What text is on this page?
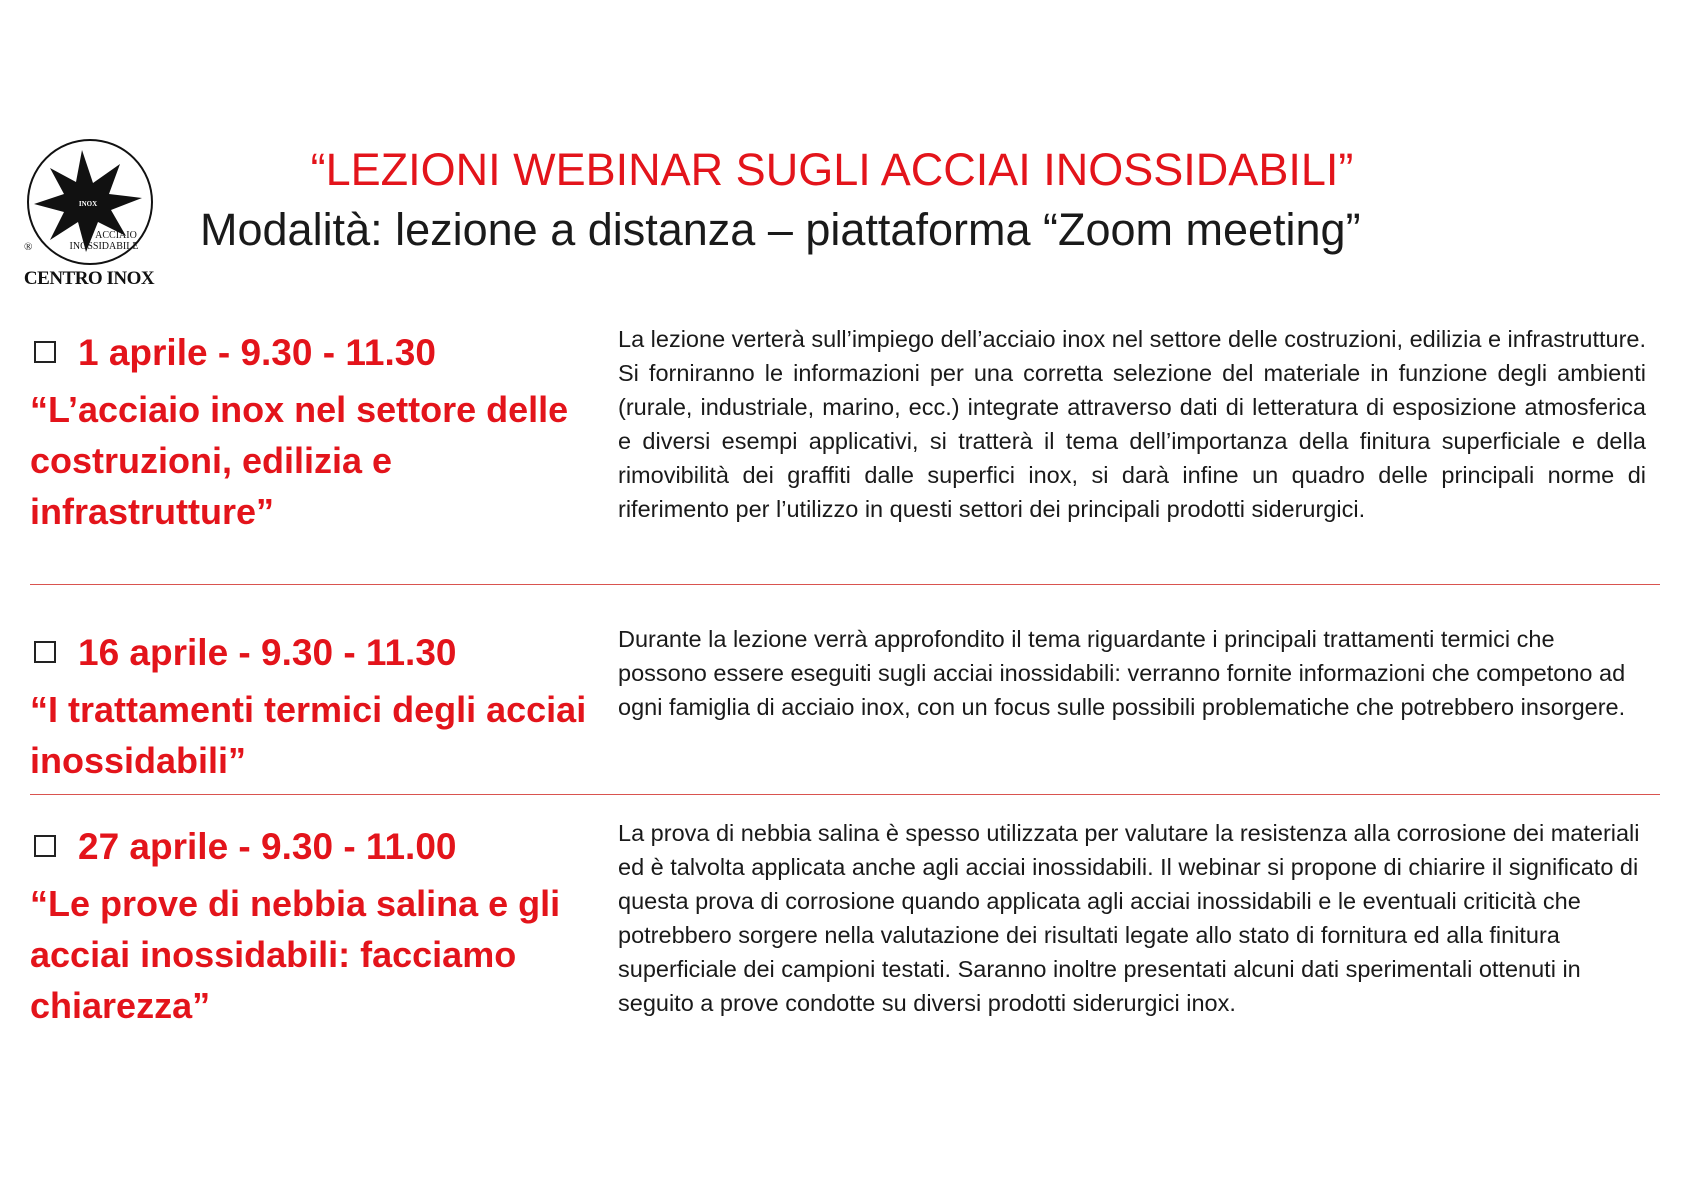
INOX
ACCIAIO
INOSSIDABILE
®
CENTRO INOX
“LEZIONI WEBINAR SUGLI ACCIAI INOSSIDABILI”
Modalità: lezione a distanza – piattaforma “Zoom meeting”
1 aprile - 9.30 - 11.30
“L’acciaio inox nel settore delle costruzioni, edilizia e infrastrutture”
La lezione verterà sull’impiego dell’acciaio inox nel settore delle costruzioni, edilizia e infrastrutture. Si forniranno le informazioni per una corretta selezione del materiale in funzione degli ambienti (rurale, industriale, marino, ecc.) integrate attraverso dati di letteratura di esposizione atmosferica e diversi esempi applicativi, si tratterà il tema dell’importanza della finitura superficiale e della rimovibilità dei graffiti dalle superfici inox, si darà infine un quadro delle principali norme di riferimento per l’utilizzo in questi settori dei principali prodotti siderurgici.
16 aprile - 9.30 - 11.30
“I trattamenti termici degli acciai inossidabili”
Durante la lezione verrà approfondito il tema riguardante i principali trattamenti termici che possono essere eseguiti sugli acciai inossidabili: verranno fornite informazioni che competono ad ogni famiglia di acciaio inox, con un focus sulle possibili problematiche che potrebbero insorgere.
27 aprile - 9.30 - 11.00
“Le prove di nebbia salina e gli acciai inossidabili: facciamo chiarezza”
La prova di nebbia salina è spesso utilizzata per valutare la resistenza alla corrosione dei materiali ed è talvolta applicata anche agli acciai inossidabili. Il webinar si propone di chiarire il significato di questa prova di corrosione quando applicata agli acciai inossidabili e le eventuali criticità che potrebbero sorgere nella valutazione dei risultati legate allo stato di fornitura ed alla finitura superficiale dei campioni testati. Saranno inoltre presentati alcuni dati sperimentali ottenuti in seguito a prove condotte su diversi prodotti siderurgici inox.
